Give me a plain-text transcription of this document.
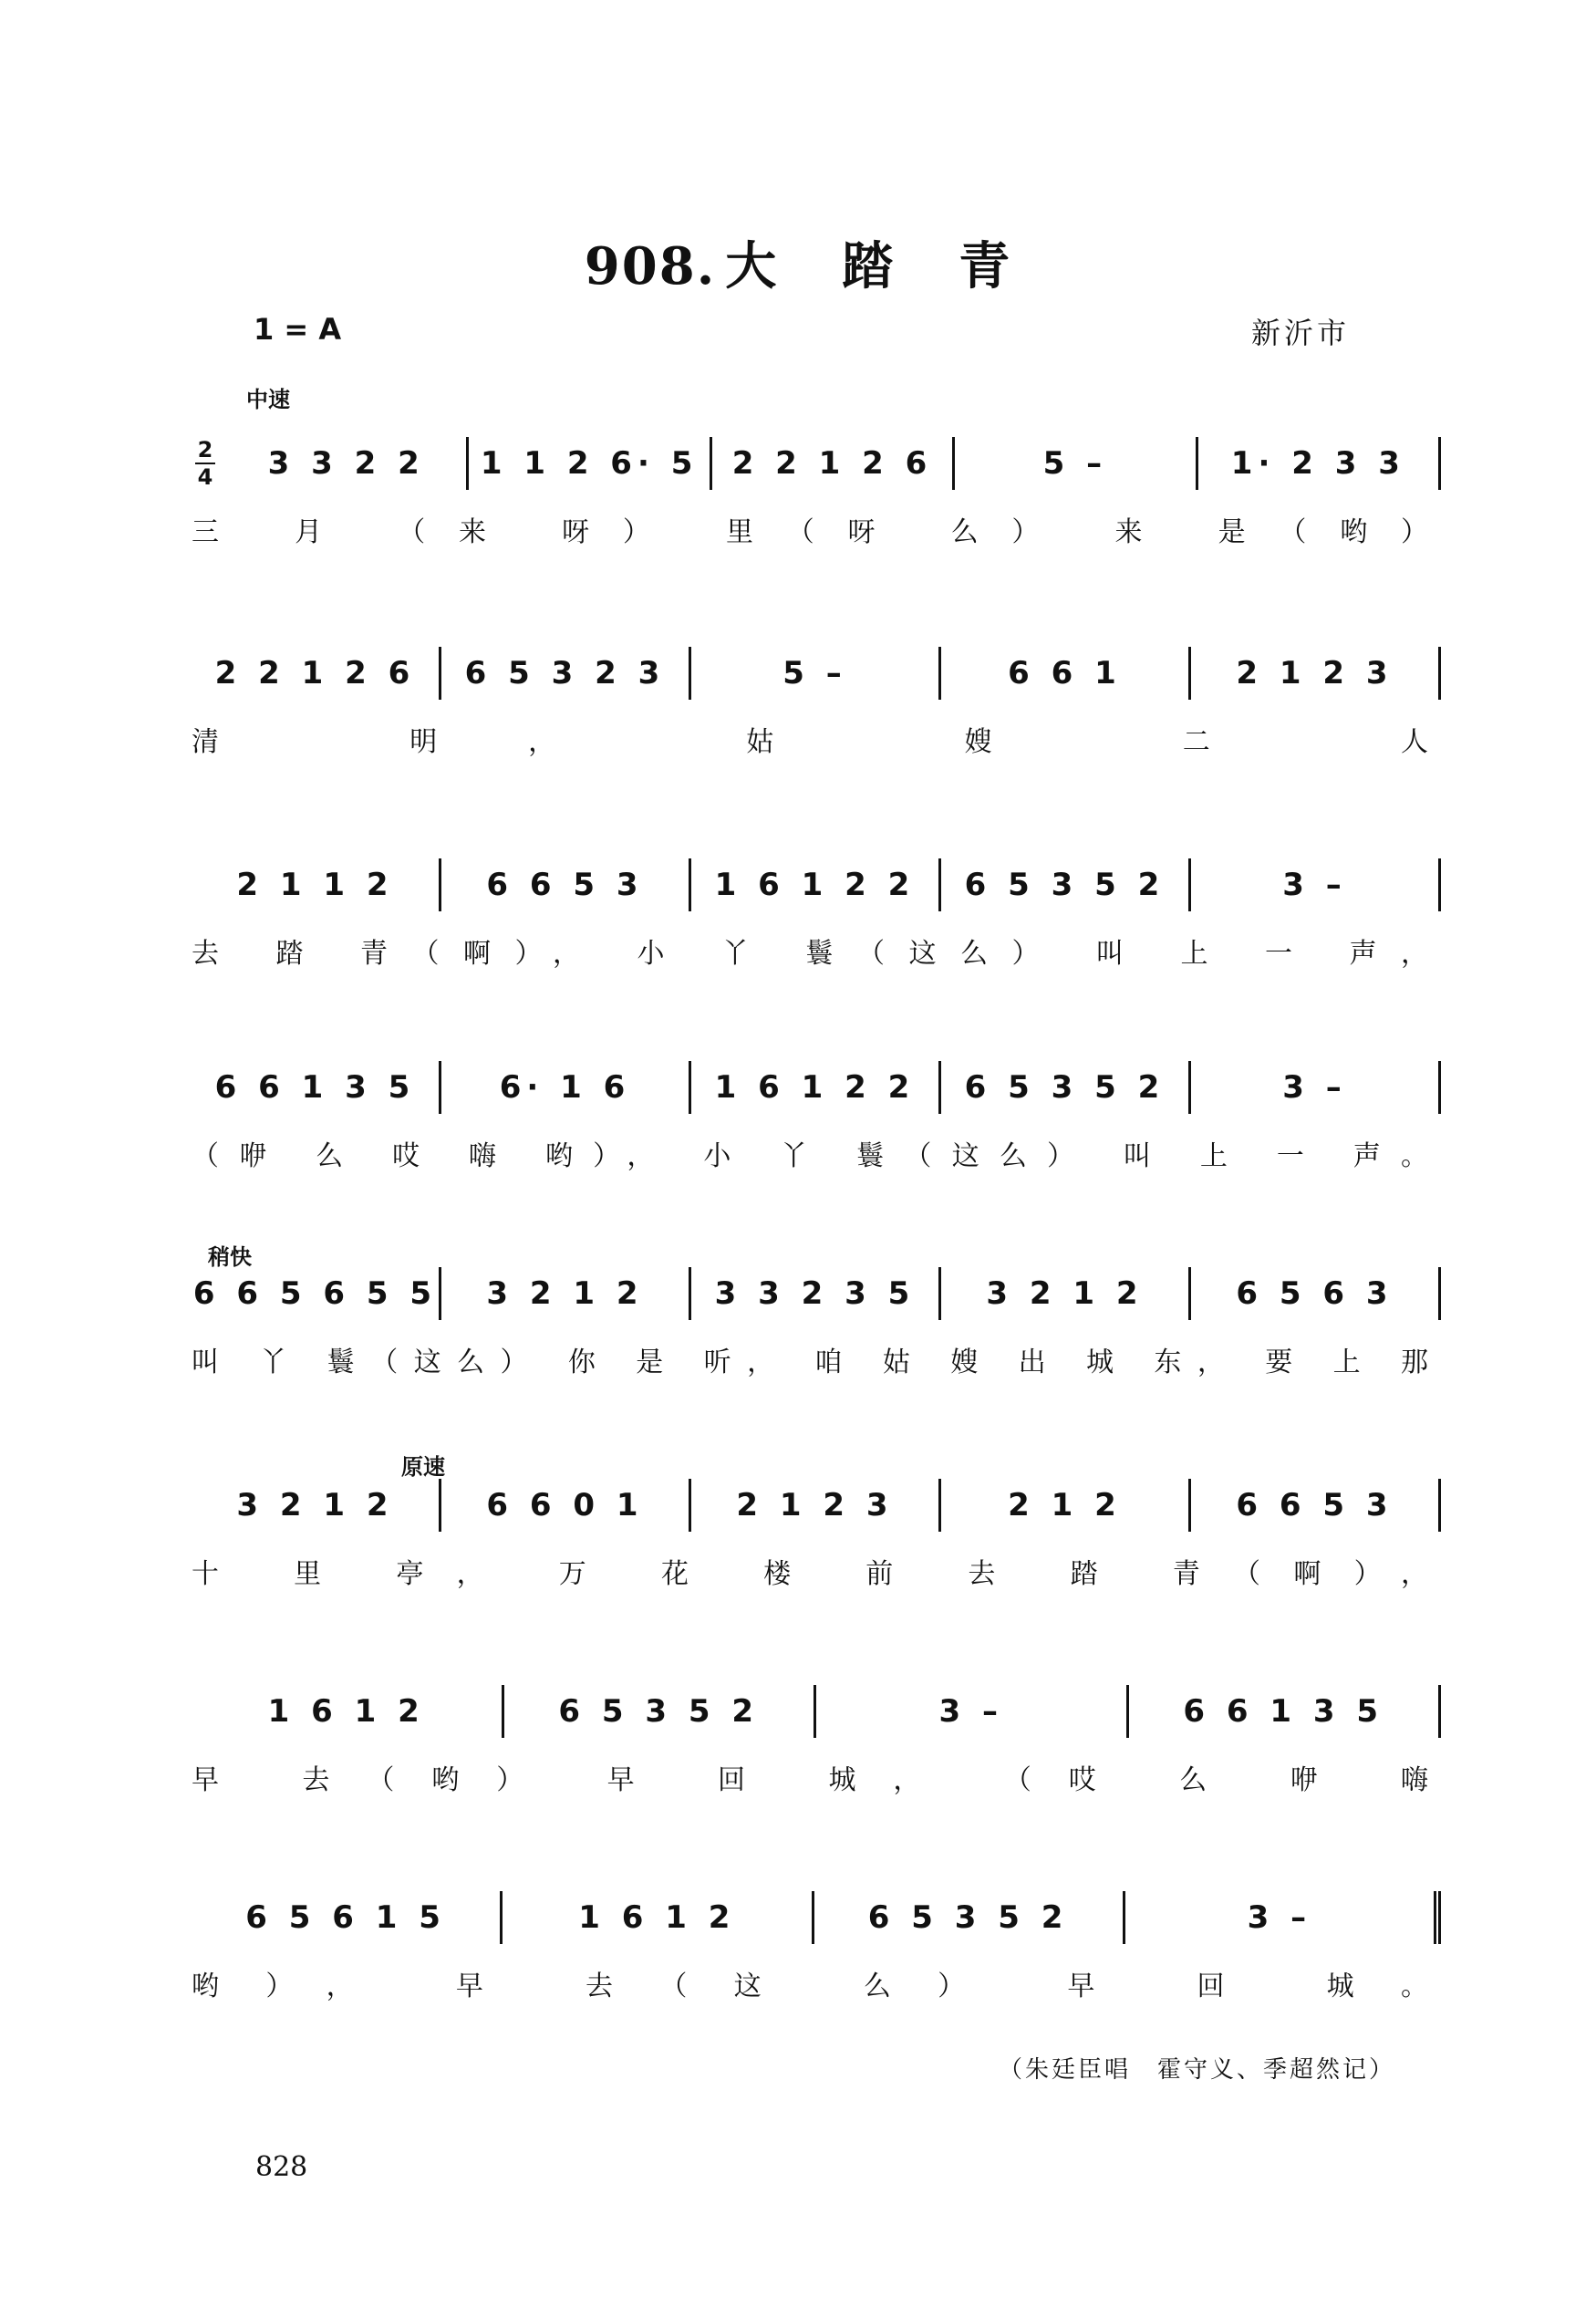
908. 大 踏 青
1 = A	新沂市
中速
稍快
原速
2
4	3 3 2 2	1 1 2 6· 5	2 2 1 2 6	5 –	1· 2 3 3
三 月 （来 呀） 里（呀 么） 来 是（哟）
2 2 1 2 6	6 5 3 2 3	5 –	6 6 1	2 1 2 3
清 明， 姑 嫂 二 人
2 1 1 2	6 6 5 3	1 6 1 2 2	6 5 3 5 2	3 –
去 踏 青（啊）， 小 丫 鬟（这么） 叫 上 一 声，
6 6 1 3 5	6· 1 6	1 6 1 2 2	6 5 3 5 2	3 –
（咿 么 哎 嗨 哟）， 小 丫 鬟（这么） 叫 上 一 声。
6 6 5 6 5 5	3 2 1 2	3 3 2 3 5	3 2 1 2	6 5 6 3
叫 丫 鬟（这么） 你 是 听， 咱 姑 嫂 出 城 东， 要 上 那
3 2 1 2	6 6 0 1	2 1 2 3	2 1 2	6 6 5 3
十 里 亭， 万 花 楼 前 去 踏 青（啊），
1 6 1 2	6 5 3 5 2	3 –	6 6 1 3 5
早 去（哟） 早 回 城， （哎 么 咿 嗨
6 5 6 1 5	1 6 1 2	6 5 3 5 2	3 –
哟）， 早 去（这 么） 早 回 城。
（朱廷臣唱　霍守义、季超然记）
828
